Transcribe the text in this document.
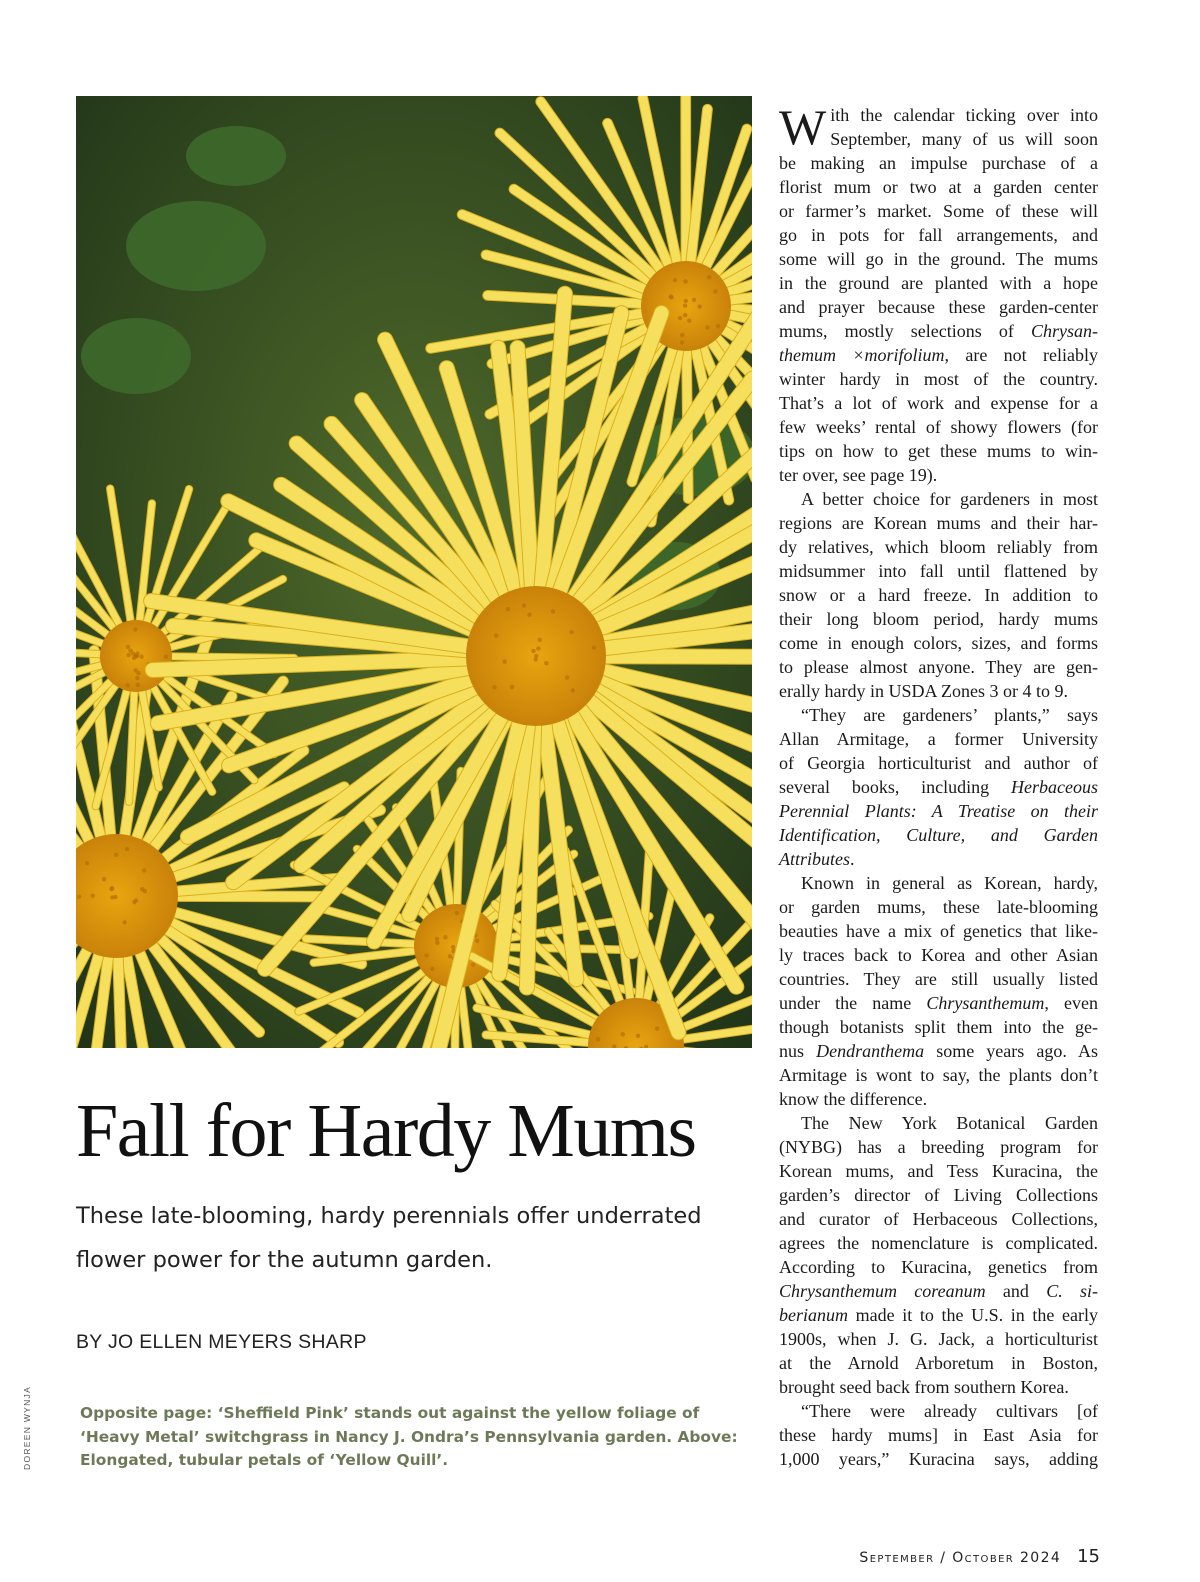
Fall for Hardy Mums
These late-blooming, hardy perennials offer underrated flower power for the autumn garden.
BY JO ELLEN MEYERS SHARP
DOREEN WYNJA	Opposite page: ‘Sheffield Pink’ stands out against the yellow foliage of ‘Heavy Metal’ switchgrass in Nancy J. Ondra’s Pennsylvania garden. Above: Elongated, tubular petals of ‘Yellow Quill’.
W ith the calendar ticking over into
September, many of us will soon
be making an impulse purchase of a
florist mum or two at a garden center
or farmer’s market. Some of these will
go in pots for fall arrangements, and
some will go in the ground. The mums
in the ground are planted with a hope
and prayer because these garden-center
mums, mostly selections of Chrysan-
themum ×morifolium, are not reliably
winter hardy in most of the country.
That’s a lot of work and expense for a
few weeks’ rental of showy flowers (for
tips on how to get these mums to win-
ter over, see page 19).
A better choice for gardeners in most
regions are Korean mums and their har-
dy relatives, which bloom reliably from
midsummer into fall until flattened by
snow or a hard freeze. In addition to
their long bloom period, hardy mums
come in enough colors, sizes, and forms
to please almost anyone. They are gen-
erally hardy in USDA Zones 3 or 4 to 9.
“They are gardeners’ plants,” says
Allan Armitage, a former University
of Georgia horticulturist and author of
several books, including Herbaceous
Perennial Plants: A Treatise on their
Identification, Culture, and Garden
Attributes.
Known in general as Korean, hardy,
or garden mums, these late-blooming
beauties have a mix of genetics that like-
ly traces back to Korea and other Asian
countries. They are still usually listed
under the name Chrysanthemum, even
though botanists split them into the ge-
nus Dendranthema some years ago. As
Armitage is wont to say, the plants don’t
know the difference.
The New York Botanical Garden
(NYBG) has a breeding program for
Korean mums, and Tess Kuracina, the
garden’s director of Living Collections
and curator of Herbaceous Collections,
agrees the nomenclature is complicated.
According to Kuracina, genetics from
Chrysanthemum coreanum and C. si-
berianum made it to the U.S. in the early
1900s, when J. G. Jack, a horticulturist
at the Arnold Arboretum in Boston,
brought seed back from southern Korea.
“There were already cultivars [of
these hardy mums] in East Asia for
1,000 years,” Kuracina says, adding
September / October 2024 15
